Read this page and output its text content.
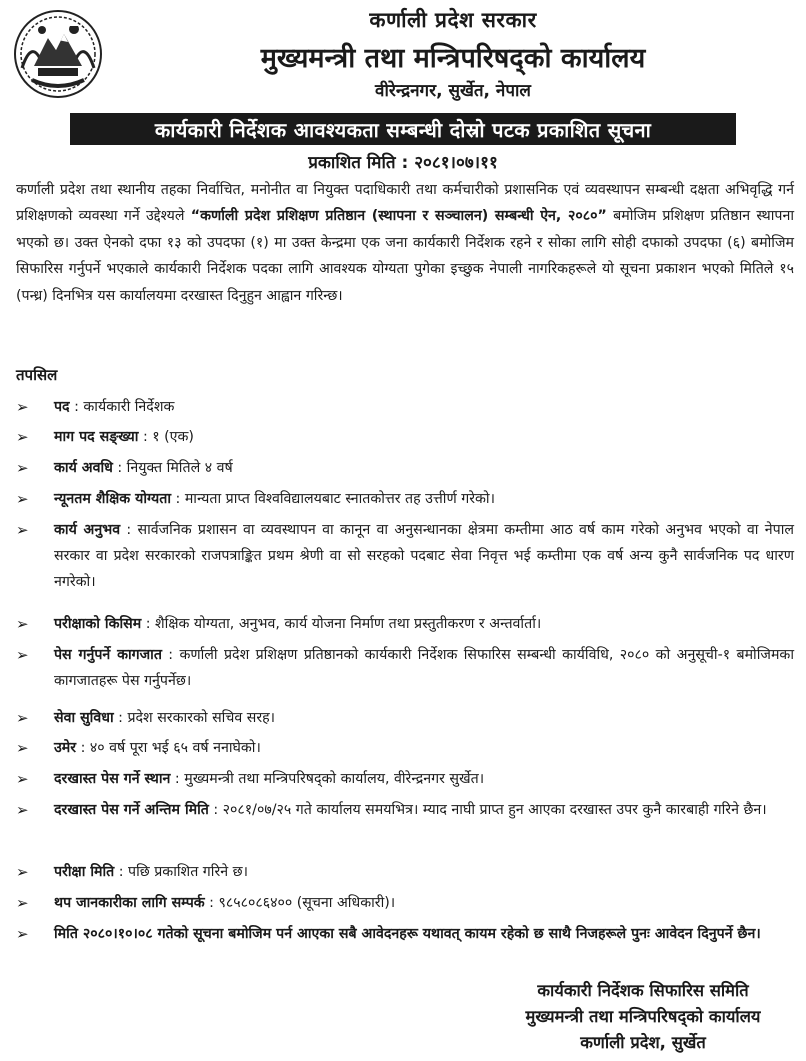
कर्णाली प्रदेश सरकार
मुख्यमन्त्री तथा मन्त्रिपरिषद्को कार्यालय
वीरेन्द्रनगर, सुर्खेत, नेपाल
कार्यकारी निर्देशक आवश्यकता सम्बन्धी दोस्रो पटक प्रकाशित सूचना
प्रकाशित मिति : २०८१।०७।११
कर्णाली प्रदेश तथा स्थानीय तहका निर्वाचित, मनोनीत वा नियुक्त पदाधिकारी तथा कर्मचारीको प्रशासनिक एवं व्यवस्थापन सम्बन्धी दक्षता अभिवृद्धि गर्न प्रशिक्षणको व्यवस्था गर्ने उद्देश्यले “कर्णाली प्रदेश प्रशिक्षण प्रतिष्ठान (स्थापना र सञ्चालन) सम्बन्धी ऐन, २०८०” बमोजिम प्रशिक्षण प्रतिष्ठान स्थापना भएको छ। उक्त ऐनको दफा १३ को उपदफा (१) मा उक्त केन्द्रमा एक जना कार्यकारी निर्देशक रहने र सोका लागि सोही दफाको उपदफा (६) बमोजिम सिफारिस गर्नुपर्ने भएकाले कार्यकारी निर्देशक पदका लागि आवश्यक योग्यता पुगेका इच्छुक नेपाली नागरिकहरूले यो सूचना प्रकाशन भएको मितिले १५ (पन्ध्र) दिनभित्र यस कार्यालयमा दरखास्त दिनुहुन आह्वान गरिन्छ।
तपसिल
➢	पद : कार्यकारी निर्देशक
➢	माग पद सङ्ख्या : १ (एक)
➢	कार्य अवधि : नियुक्त मितिले ४ वर्ष
➢	न्यूनतम शैक्षिक योग्यता : मान्यता प्राप्त विश्वविद्यालयबाट स्नातकोत्तर तह उत्तीर्ण गरेको।
➢	कार्य अनुभव : सार्वजनिक प्रशासन वा व्यवस्थापन वा कानून वा अनुसन्धानका क्षेत्रमा कम्तीमा आठ वर्ष काम गरेको अनुभव भएको वा नेपाल सरकार वा प्रदेश सरकारको राजपत्राङ्कित प्रथम श्रेणी वा सो सरहको पदबाट सेवा निवृत्त भई कम्तीमा एक वर्ष अन्य कुनै सार्वजनिक पद धारण नगरेको।
➢	परीक्षाको किसिम : शैक्षिक योग्यता, अनुभव, कार्य योजना निर्माण तथा प्रस्तुतीकरण र अन्तर्वार्ता।
➢	पेस गर्नुपर्ने कागजात : कर्णाली प्रदेश प्रशिक्षण प्रतिष्ठानको कार्यकारी निर्देशक सिफारिस सम्बन्धी कार्यविधि, २०८० को अनुसूची-१ बमोजिमका कागजातहरू पेस गर्नुपर्नेछ।
➢	सेवा सुविधा : प्रदेश सरकारको सचिव सरह।
➢	उमेर : ४० वर्ष पूरा भई ६५ वर्ष ननाघेको।
➢	दरखास्त पेस गर्ने स्थान : मुख्यमन्त्री तथा मन्त्रिपरिषद्को कार्यालय, वीरेन्द्रनगर सुर्खेत।
➢	दरखास्त पेस गर्ने अन्तिम मिति : २०८१/०७/२५ गते कार्यालय समयभित्र। म्याद नाघी प्राप्त हुन आएका दरखास्त उपर कुनै कारबाही गरिने छैन।
➢	परीक्षा मिति : पछि प्रकाशित गरिने छ।
➢	थप जानकारीका लागि सम्पर्क : ९८५८०८६४०० (सूचना अधिकारी)।
➢	मिति २०८०।१०।०८ गतेको सूचना बमोजिम पर्न आएका सबै आवेदनहरू यथावत् कायम रहेको छ साथै निजहरूले पुनः आवेदन दिनुपर्ने छैन।
कार्यकारी निर्देशक सिफारिस समिति
मुख्यमन्त्री तथा मन्त्रिपरिषद्को कार्यालय
कर्णाली प्रदेश, सुर्खेत
